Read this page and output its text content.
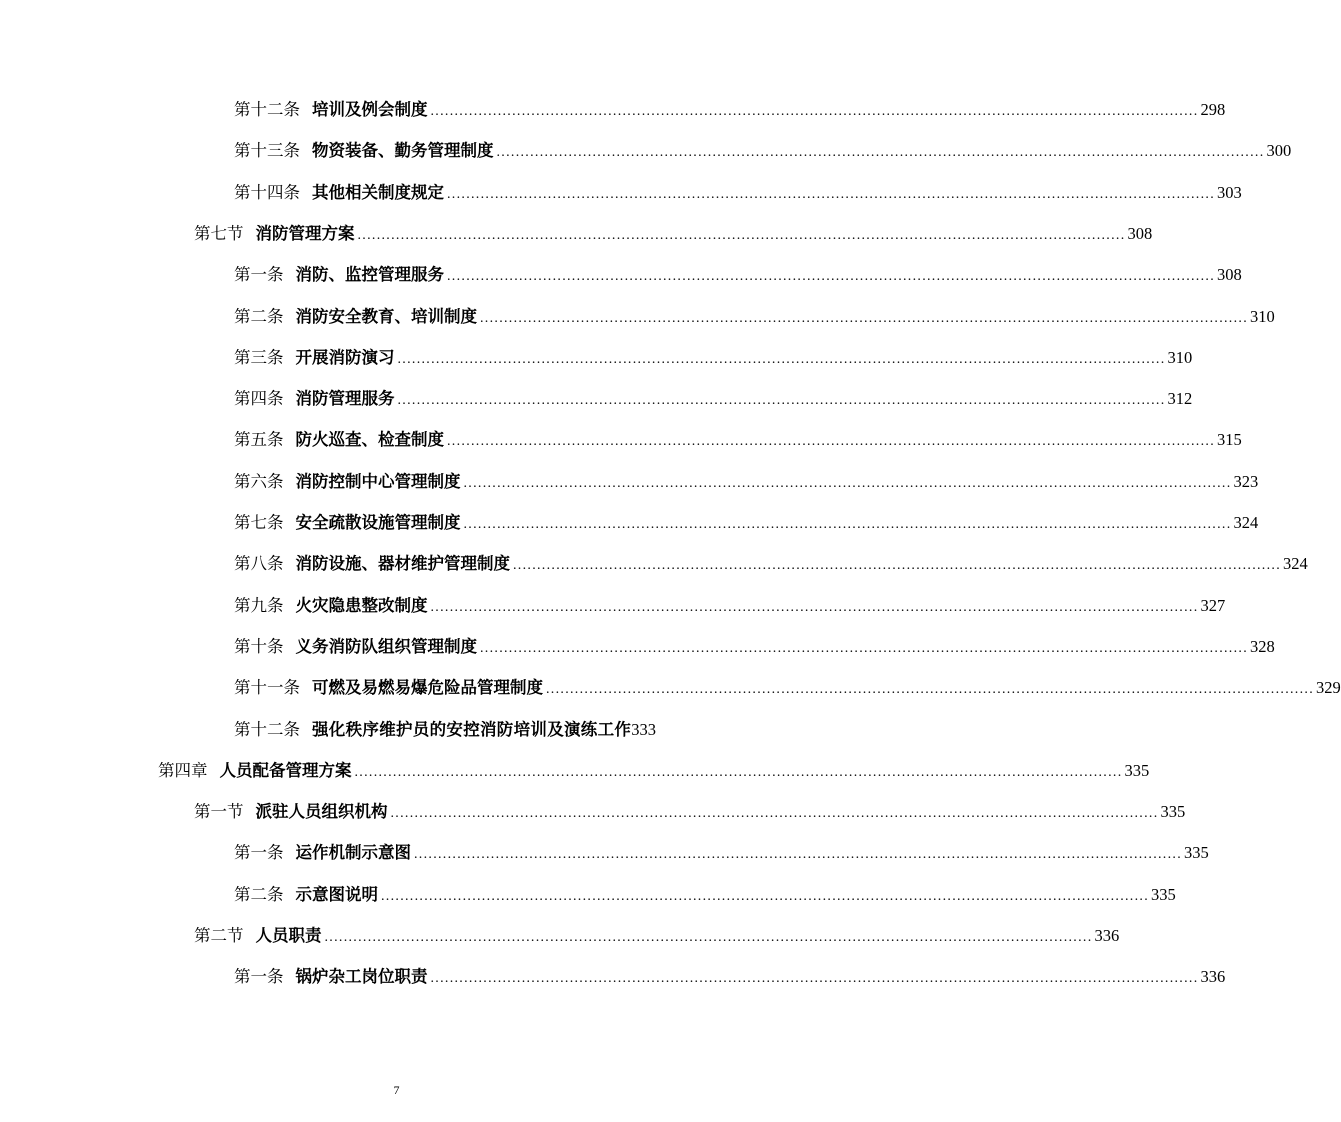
第十二条 培训及例会制度 ................................................................................................................................................................ 298
第十三条 物资装备、勤务管理制度 ................................................................................................................................................................ 300
第十四条 其他相关制度规定 ................................................................................................................................................................ 303
第七节 消防管理方案 ................................................................................................................................................................ 308
第一条 消防、监控管理服务 ................................................................................................................................................................ 308
第二条 消防安全教育、培训制度 ................................................................................................................................................................ 310
第三条 开展消防演习 ................................................................................................................................................................ 310
第四条 消防管理服务 ................................................................................................................................................................ 312
第五条 防火巡查、检查制度 ................................................................................................................................................................ 315
第六条 消防控制中心管理制度 ................................................................................................................................................................ 323
第七条 安全疏散设施管理制度 ................................................................................................................................................................ 324
第八条 消防设施、器材维护管理制度 ................................................................................................................................................................ 324
第九条 火灾隐患整改制度 ................................................................................................................................................................ 327
第十条 义务消防队组织管理制度 ................................................................................................................................................................ 328
第十一条 可燃及易燃易爆危险品管理制度 ................................................................................................................................................................ 329
第十二条 强化秩序维护员的安控消防培训及演练工作 333
第四章 人员配备管理方案 ................................................................................................................................................................ 335
第一节 派驻人员组织机构 ................................................................................................................................................................ 335
第一条 运作机制示意图 ................................................................................................................................................................ 335
第二条 示意图说明 ................................................................................................................................................................ 335
第二节 人员职责 ................................................................................................................................................................ 336
第一条 锅炉杂工岗位职责 ................................................................................................................................................................ 336
7
